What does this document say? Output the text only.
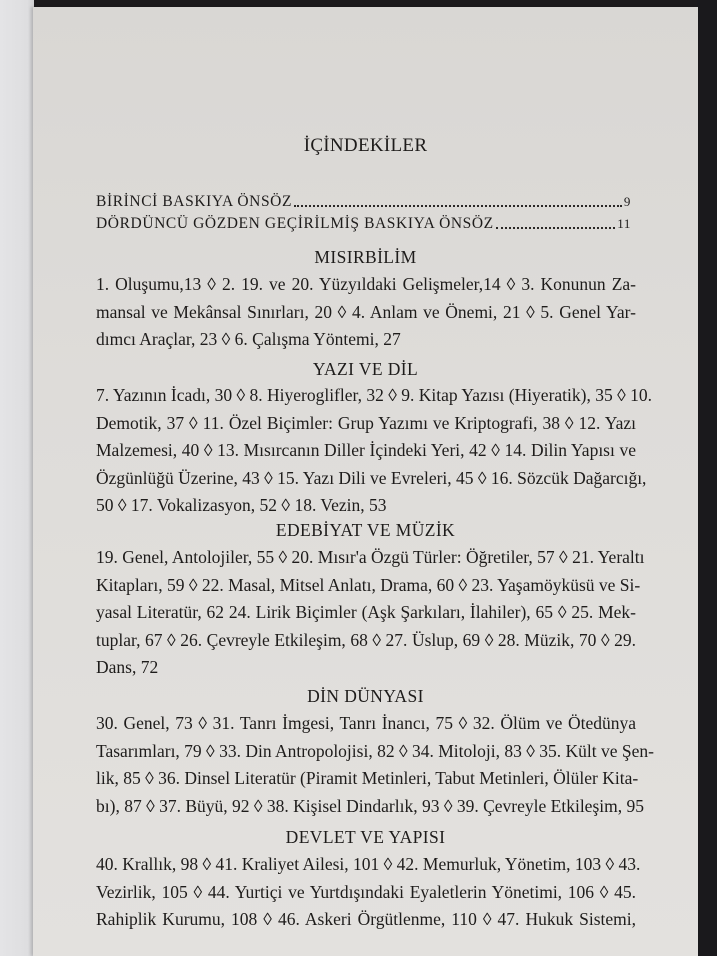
İÇİNDEKİLER
BİRİNCİ BASKIYA ÖNSÖZ	9
DÖRDÜNCÜ GÖZDEN GEÇİRİLMİŞ BASKIYA ÖNSÖZ	11
MISIRBİLİM
1. Oluşumu,13 ◊ 2. 19. ve 20. Yüzyıldaki Gelişmeler,14 ◊ 3. Konunun Za-
mansal ve Mekânsal Sınırları, 20 ◊ 4. Anlam ve Önemi, 21 ◊ 5. Genel Yar-
dımcı Araçlar, 23 ◊ 6. Çalışma Yöntemi, 27
YAZI VE DİL
7. Yazının İcadı, 30 ◊ 8. Hiyeroglifler, 32 ◊ 9. Kitap Yazısı (Hiyeratik), 35 ◊ 10.
Demotik, 37 ◊ 11. Özel Biçimler: Grup Yazımı ve Kriptografi, 38 ◊ 12. Yazı
Malzemesi, 40 ◊ 13. Mısırcanın Diller İçindeki Yeri, 42 ◊ 14. Dilin Yapısı ve
Özgünlüğü Üzerine, 43 ◊ 15. Yazı Dili ve Evreleri, 45 ◊ 16. Sözcük Dağarcığı,
50 ◊ 17. Vokalizasyon, 52 ◊ 18. Vezin, 53
EDEBİYAT VE MÜZİK
19. Genel, Antolojiler, 55 ◊ 20. Mısır'a Özgü Türler: Öğretiler, 57 ◊ 21. Yeraltı
Kitapları, 59 ◊ 22. Masal, Mitsel Anlatı, Drama, 60 ◊ 23. Yaşamöyküsü ve Si-
yasal Literatür, 62 24. Lirik Biçimler (Aşk Şarkıları, İlahiler), 65 ◊ 25. Mek-
tuplar, 67 ◊ 26. Çevreyle Etkileşim, 68 ◊ 27. Üslup, 69 ◊ 28. Müzik, 70 ◊ 29.
Dans, 72
DİN DÜNYASI
30. Genel, 73 ◊ 31. Tanrı İmgesi, Tanrı İnancı, 75 ◊ 32. Ölüm ve Ötedünya
Tasarımları, 79 ◊ 33. Din Antropolojisi, 82 ◊ 34. Mitoloji, 83 ◊ 35. Kült ve Şen-
lik, 85 ◊ 36. Dinsel Literatür (Piramit Metinleri, Tabut Metinleri, Ölüler Kita-
bı), 87 ◊ 37. Büyü, 92 ◊ 38. Kişisel Dindarlık, 93 ◊ 39. Çevreyle Etkileşim, 95
DEVLET VE YAPISI
40. Krallık, 98 ◊ 41. Kraliyet Ailesi, 101 ◊ 42. Memurluk, Yönetim, 103 ◊ 43.
Vezirlik, 105 ◊ 44. Yurtiçi ve Yurtdışındaki Eyaletlerin Yönetimi, 106 ◊ 45.
Rahiplik Kurumu, 108 ◊ 46. Askeri Örgütlenme, 110 ◊ 47. Hukuk Sistemi,
